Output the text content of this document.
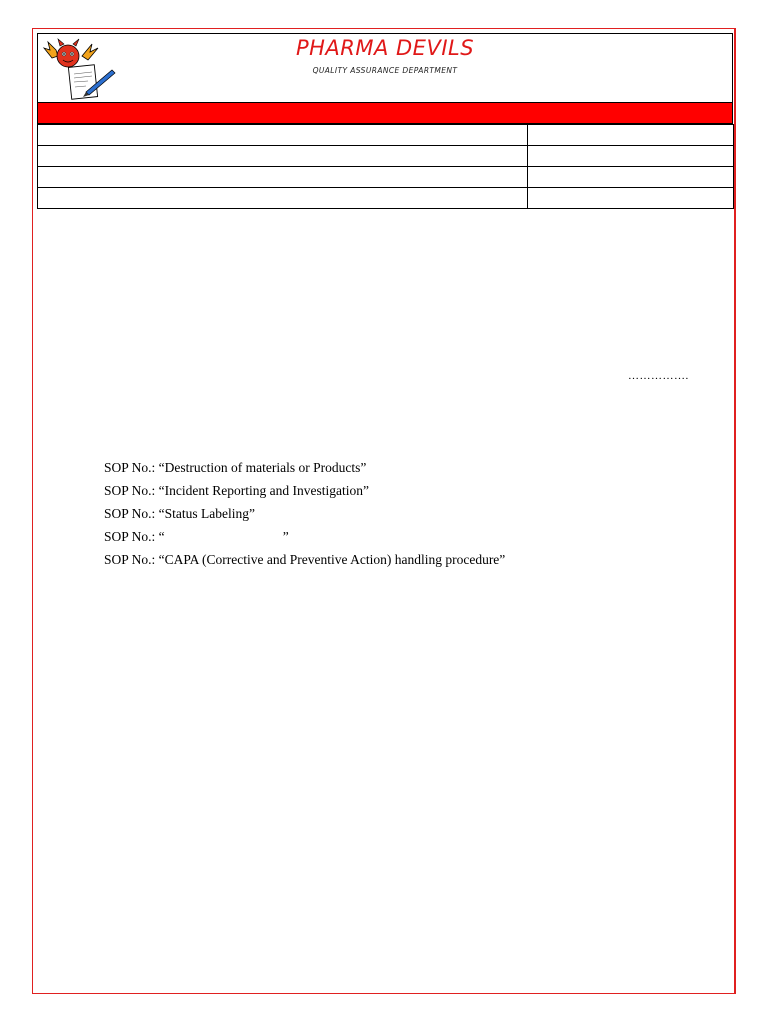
PHARMA DEVILS
QUALITY ASSURANCE DEPARTMENT

…………….
SOP No.: “Destruction of materials or Products”
SOP No.: “Incident Reporting and Investigation”
SOP No.: “Status Labeling”
SOP No.: “                                   ”
SOP No.: “CAPA (Corrective and Preventive Action) handling procedure”
